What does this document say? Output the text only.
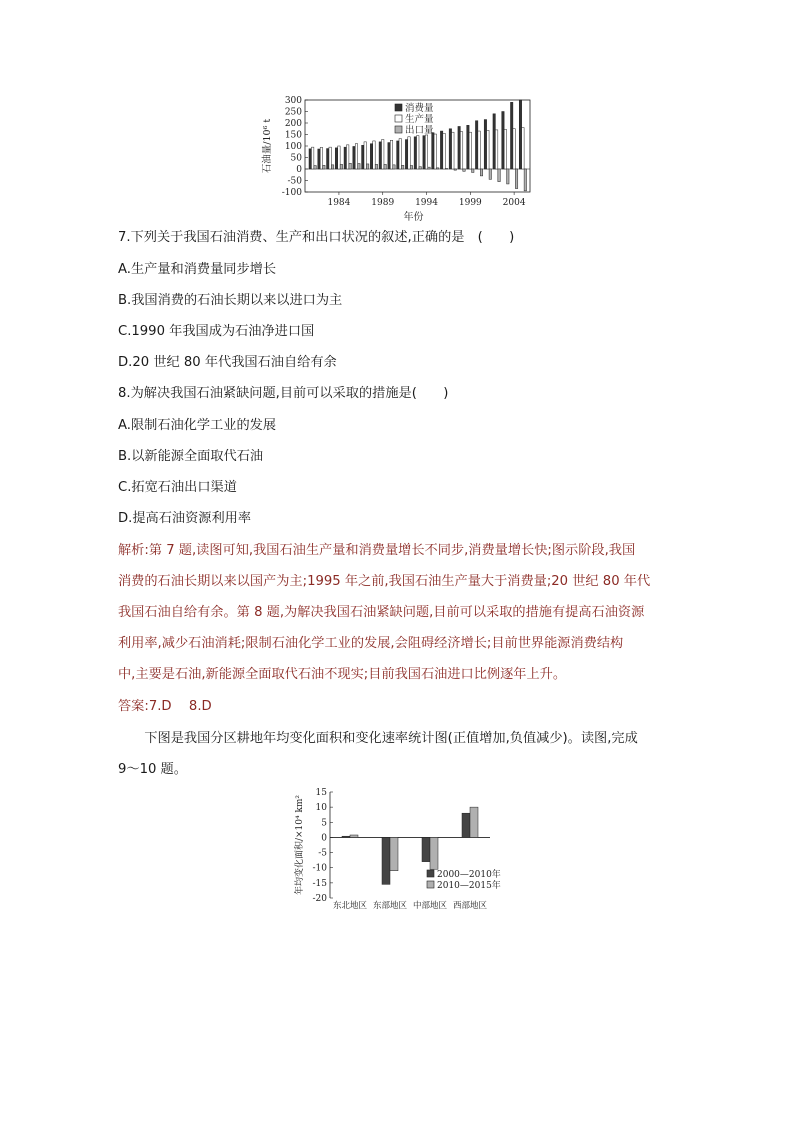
300
250
200
150
100
50
0
-50
-100
1984 1989 1994 1999 2004
年份
石油量/10⁶ t
消费量
生产量
出口量
7.下列关于我国石油消费、生产和出口状况的叙述,正确的是　(　　)
A.生产量和消费量同步增长
B.我国消费的石油长期以来以进口为主
C.1990 年我国成为石油净进口国
D.20 世纪 80 年代我国石油自给有余
8.为解决我国石油紧缺问题,目前可以采取的措施是(　　)
A.限制石油化学工业的发展
B.以新能源全面取代石油
C.拓宽石油出口渠道
D.提高石油资源利用率
解析:第 7 题,读图可知,我国石油生产量和消费量增长不同步,消费量增长快;图示阶段,我国
消费的石油长期以来以国产为主;1995 年之前,我国石油生产量大于消费量;20 世纪 80 年代
我国石油自给有余。第 8 题,为解决我国石油紧缺问题,目前可以采取的措施有提高石油资源
利用率,减少石油消耗;限制石油化学工业的发展,会阻碍经济增长;目前世界能源消费结构
中,主要是石油,新能源全面取代石油不现实;目前我国石油进口比例逐年上升。
答案:7.D　 8.D
　　下图是我国分区耕地年均变化面积和变化速率统计图(正值增加,负值减少)。读图,完成
9～10 题。
15
10
5
0
-5
-10
-15
-20
东北地区 东部地区 中部地区 西部地区
年均变化面积/×10⁴ km²	2000—2010年
2010—2015年
